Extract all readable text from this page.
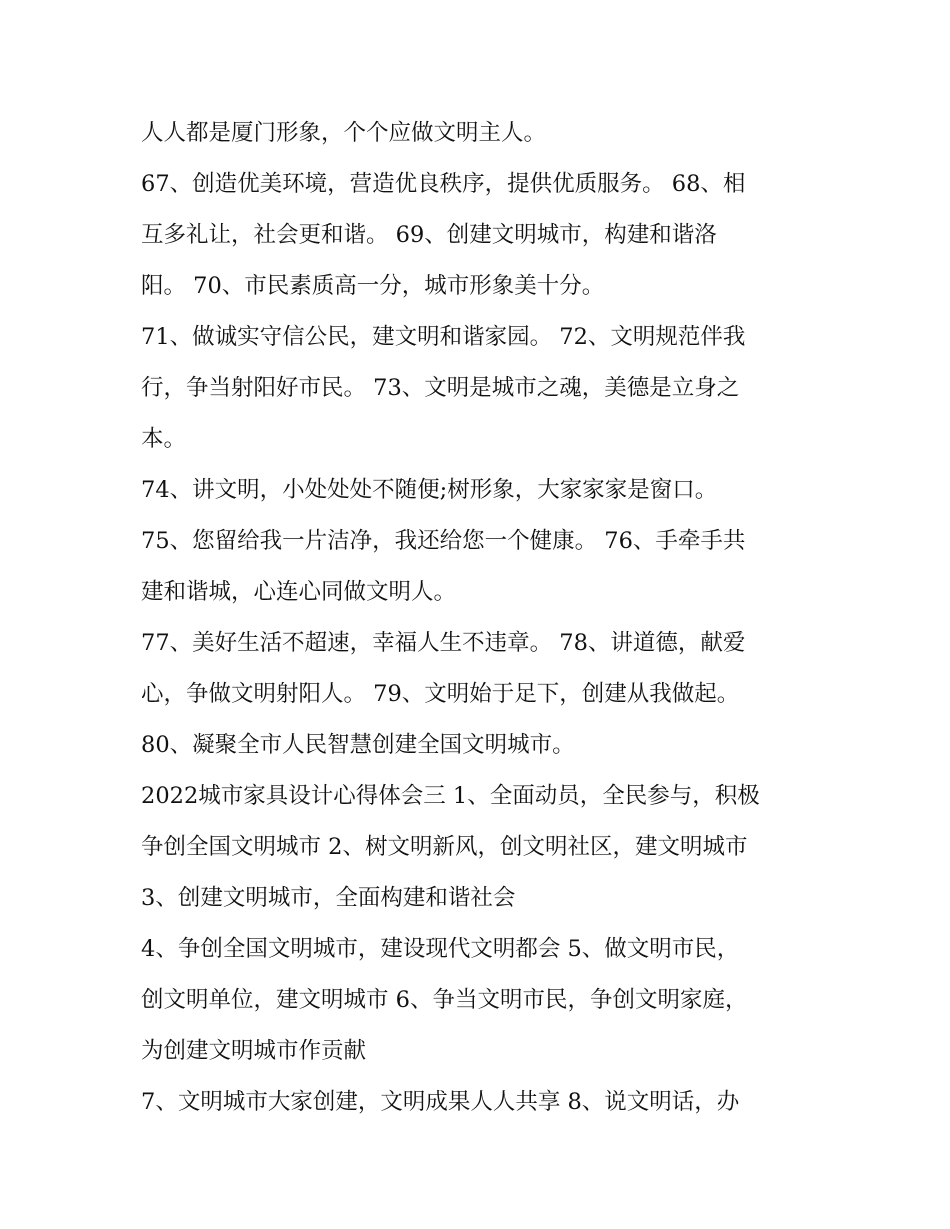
人人都是厦门形象，个个应做文明主人。
67、创造优美环境，营造优良秩序，提供优质服务。 68、相
互多礼让，社会更和谐。 69、创建文明城市，构建和谐洛
阳。 70、市民素质高一分，城市形象美十分。
71、做诚实守信公民，建文明和谐家园。 72、文明规范伴我
行，争当射阳好市民。 73、文明是城市之魂，美德是立身之
本。
74、讲文明，小处处处不随便;树形象，大家家家是窗口。
75、您留给我一片洁净，我还给您一个健康。 76、手牵手共
建和谐城，心连心同做文明人。
77、美好生活不超速，幸福人生不违章。 78、讲道德，献爱
心，争做文明射阳人。 79、文明始于足下，创建从我做起。
80、凝聚全市人民智慧创建全国文明城市。
2022城市家具设计心得体会三 1、全面动员，全民参与，积极
争创全国文明城市 2、树文明新风，创文明社区，建文明城市
3、创建文明城市，全面构建和谐社会
4、争创全国文明城市，建设现代文明都会 5、做文明市民，
创文明单位，建文明城市 6、争当文明市民，争创文明家庭，
为创建文明城市作贡献
7、文明城市大家创建，文明成果人人共享 8、说文明话，办
